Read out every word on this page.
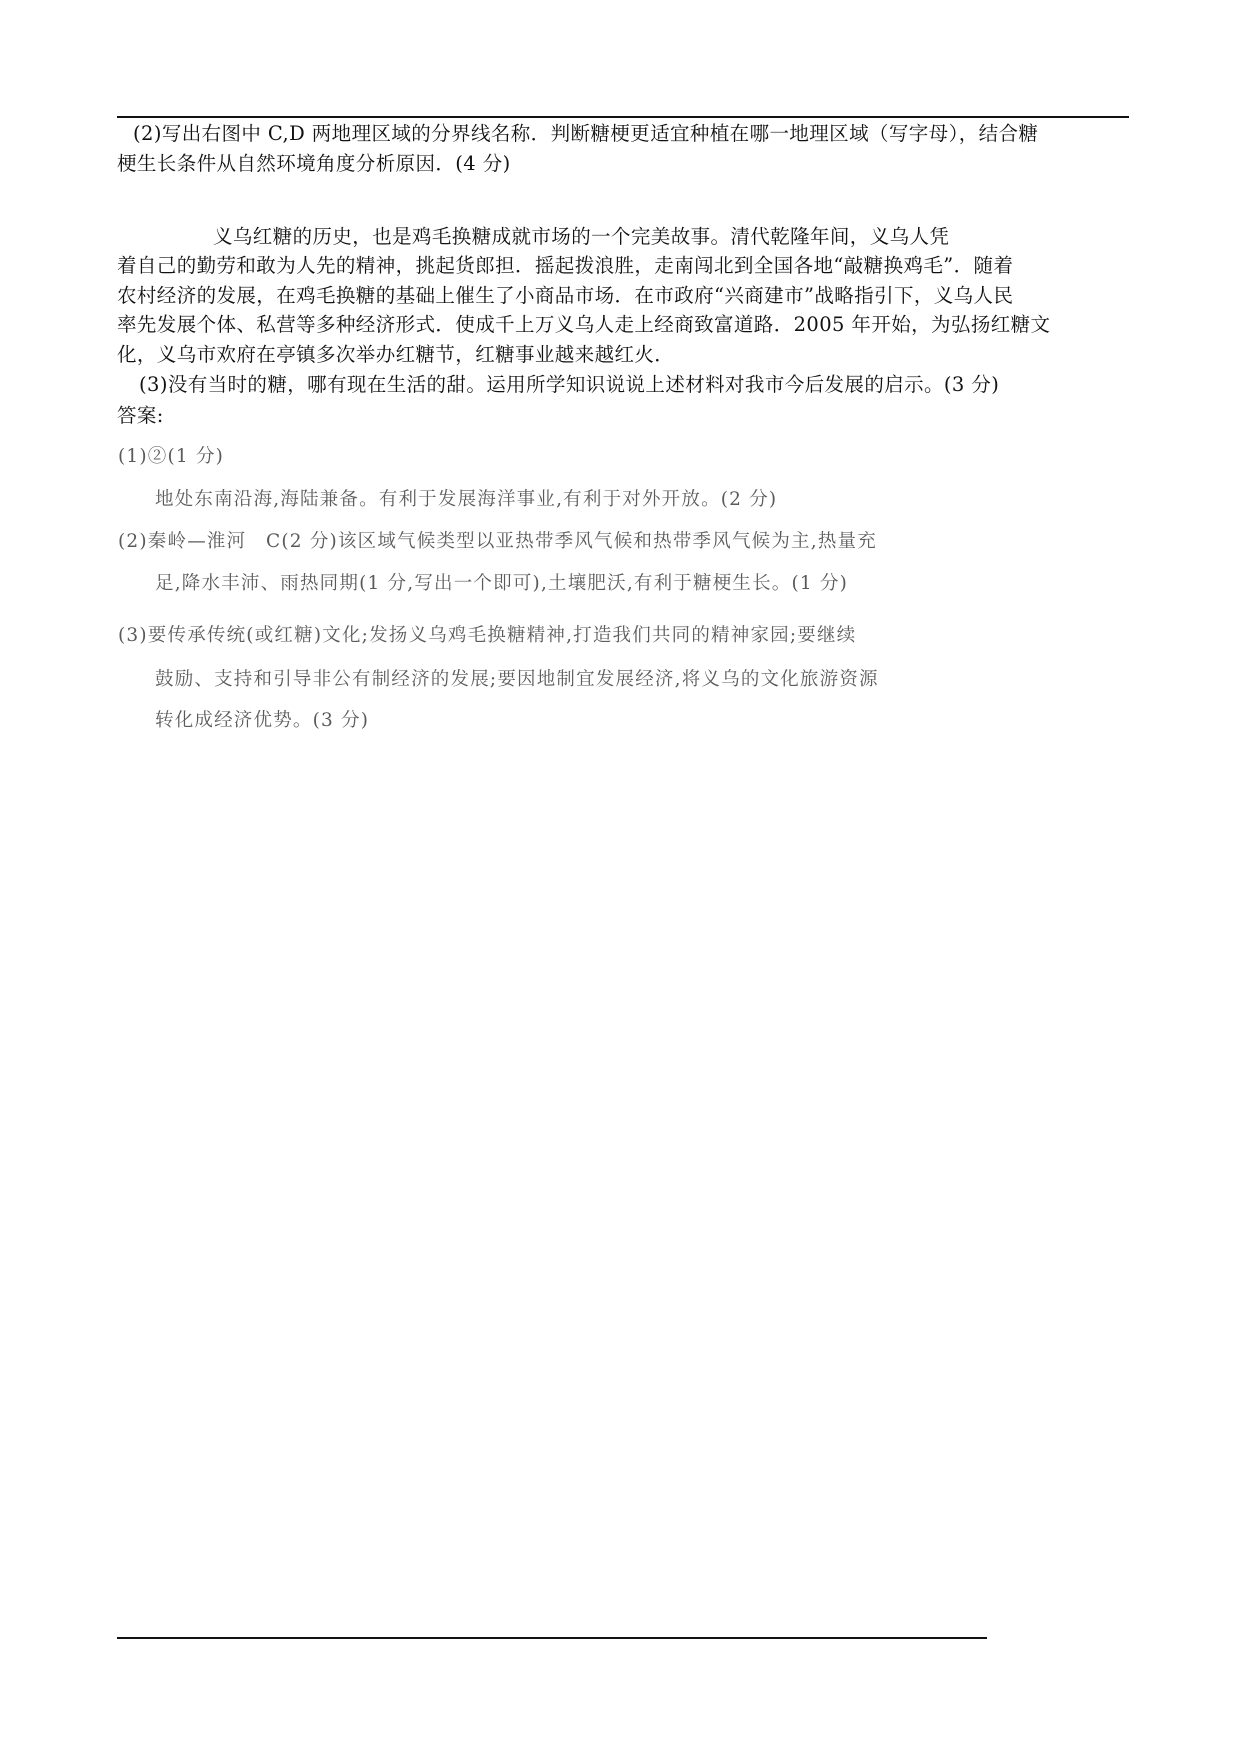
(2)写出右图中 C,D 两地理区域的分界线名称．判断糖梗更适宜种植在哪一地理区域（写字母），结合糖
梗生长条件从自然环境角度分析原因．(4 分)
义乌红糖的历史，也是鸡毛换糖成就市场的一个完美故事。清代乾隆年间，义乌人凭
着自己的勤劳和敢为人先的精神，挑起货郎担．摇起拨浪胜，走南闯北到全国各地“敲糖换鸡毛”．随着
农村经济的发展，在鸡毛换糖的基础上催生了小商品市场．在市政府“兴商建市”战略指引下，义乌人民
率先发展个体、私营等多种经济形式．使成千上万义乌人走上经商致富道路．2005 年开始，为弘扬红糖文
化，义乌市欢府在亭镇多次举办红糖节，红糖事业越来越红火．
(3)没有当时的糖，哪有现在生活的甜。运用所学知识说说上述材料对我市今后发展的启示。(3 分)
答案:
(1)②(1 分)
地处东南沿海,海陆兼备。有利于发展海洋事业,有利于对外开放。(2 分)
(2)秦岭—淮河　C(2 分)该区域气候类型以亚热带季风气候和热带季风气候为主,热量充
足,降水丰沛、雨热同期(1 分,写出一个即可),土壤肥沃,有利于糖梗生长。(1 分)
(3)要传承传统(或红糖)文化;发扬义乌鸡毛换糖精神,打造我们共同的精神家园;要继续
鼓励、支持和引导非公有制经济的发展;要因地制宜发展经济,将义乌的文化旅游资源
转化成经济优势。(3 分)
